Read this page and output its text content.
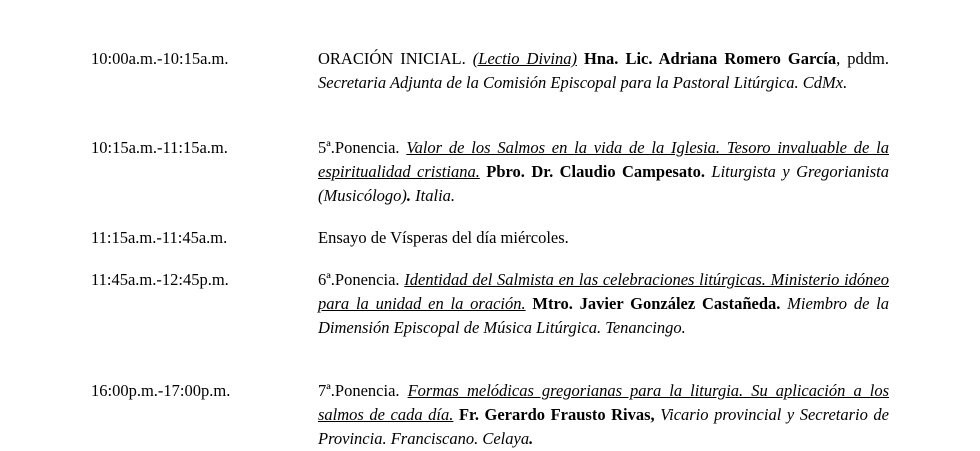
10:00a.m.-10:15a.m.	ORACIÓN INICIAL. (Lectio Divina) Hna. Lic. Adriana Romero García, pddm. Secretaria Adjunta de la Comisión Episcopal para la Pastoral Litúrgica. CdMx.
10:15a.m.-11:15a.m.	5ª.Ponencia. Valor de los Salmos en la vida de la Iglesia. Tesoro invaluable de la espiritualidad cristiana. Pbro. Dr. Claudio Campesato. Liturgista y Gregorianista (Musicólogo). Italia.
11:15a.m.-11:45a.m.	Ensayo de Vísperas del día miércoles.
11:45a.m.-12:45p.m.	6ª.Ponencia. Identidad del Salmista en las celebraciones litúrgicas. Ministerio idóneo para la unidad en la oración. Mtro. Javier González Castañeda. Miembro de la Dimensión Episcopal de Música Litúrgica. Tenancingo.
16:00p.m.-17:00p.m.	7ª.Ponencia. Formas melódicas gregorianas para la liturgia. Su aplicación a los salmos de cada día. Fr. Gerardo Frausto Rivas, Vicario provincial y Secretario de Provincia. Franciscano. Celaya.
